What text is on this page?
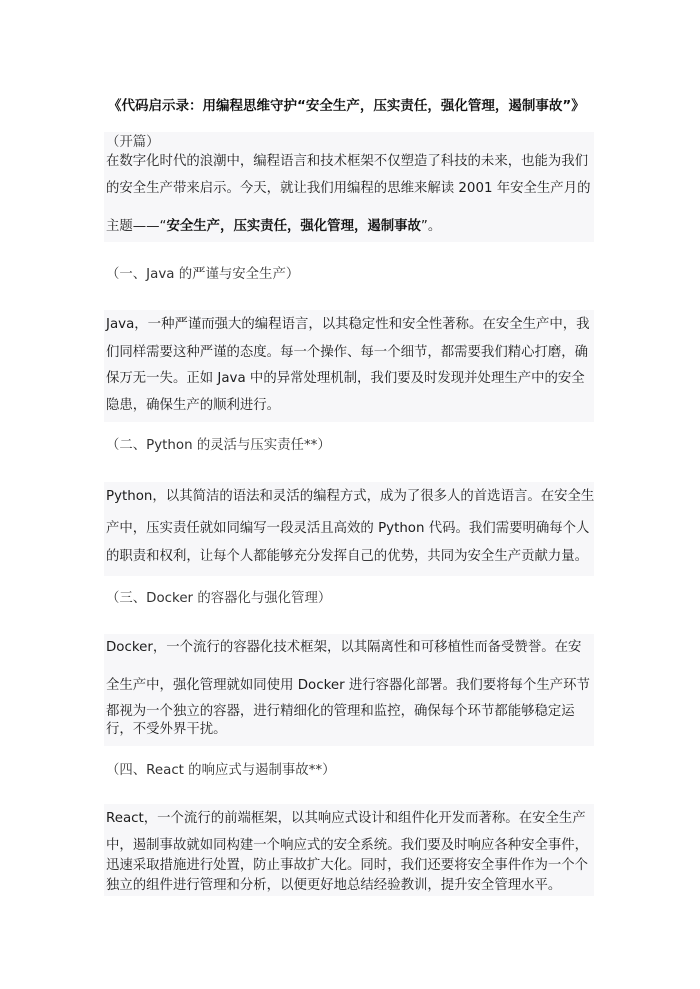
《代码启示录：用编程思维守护“安全生产，压实责任，强化管理，遏制事故”》
（开篇）
在数字化时代的浪潮中，编程语言和技术框架不仅塑造了科技的未来，也能为我们
的安全生产带来启示。今天，就让我们用编程的思维来解读 2001 年安全生产月的
主题——“安全生产，压实责任，强化管理，遏制事故”。
（一、Java 的严谨与安全生产）
Java，一种严谨而强大的编程语言，以其稳定性和安全性著称。在安全生产中，我
们同样需要这种严谨的态度。每一个操作、每一个细节，都需要我们精心打磨，确
保万无一失。正如 Java 中的异常处理机制，我们要及时发现并处理生产中的安全
隐患，确保生产的顺利进行。
（二、Python 的灵活与压实责任**）
Python，以其简洁的语法和灵活的编程方式，成为了很多人的首选语言。在安全生
产中，压实责任就如同编写一段灵活且高效的 Python 代码。我们需要明确每个人
的职责和权利，让每个人都能够充分发挥自己的优势，共同为安全生产贡献力量。
（三、Docker 的容器化与强化管理）
Docker，一个流行的容器化技术框架，以其隔离性和可移植性而备受赞誉。在安
全生产中，强化管理就如同使用 Docker 进行容器化部署。我们要将每个生产环节
都视为一个独立的容器，进行精细化的管理和监控，确保每个环节都能够稳定运
行，不受外界干扰。
（四、React 的响应式与遏制事故**）
React，一个流行的前端框架，以其响应式设计和组件化开发而著称。在安全生产
中，遏制事故就如同构建一个响应式的安全系统。我们要及时响应各种安全事件，
迅速采取措施进行处置，防止事故扩大化。同时，我们还要将安全事件作为一个个
独立的组件进行管理和分析，以便更好地总结经验教训，提升安全管理水平。
